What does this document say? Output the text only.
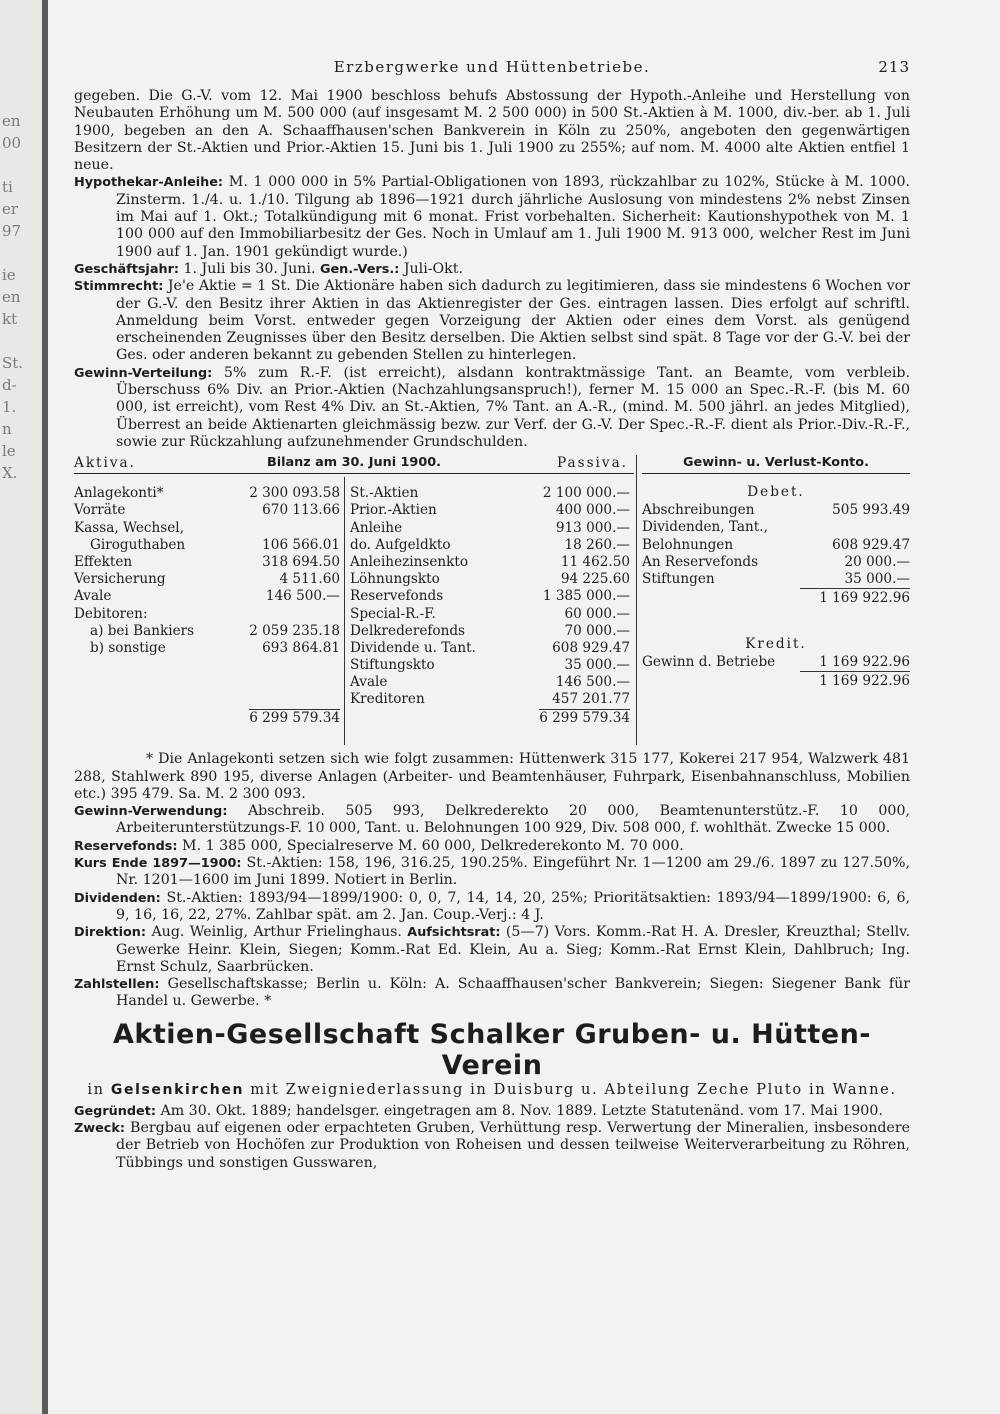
en
00
ti
er
97
ie
en
kt
St.
d-
1.
n
le
X.
Erzbergwerke und Hüttenbetriebe.	213

gegeben. Die G.-V. vom 12. Mai 1900 beschloss behufs Abstossung der Hypoth.-Anleihe und Herstellung von Neubauten Erhöhung um M. 500 000 (auf insgesamt M. 2 500 000) in 500 St.-Aktien à M. 1000, div.-ber. ab 1. Juli 1900, begeben an den A. Schaaffhausen'schen Bankverein in Köln zu 250%, angeboten den gegenwärtigen Besitzern der St.-Aktien und Prior.-Aktien 15. Juni bis 1. Juli 1900 zu 255%; auf nom. M. 4000 alte Aktien entfiel 1 neue.

Hypothekar-Anleihe: M. 1 000 000 in 5% Partial-Obligationen von 1893, rückzahlbar zu 102%, Stücke à M. 1000. Zinsterm. 1./4. u. 1./10. Tilgung ab 1896—1921 durch jährliche Auslosung von mindestens 2% nebst Zinsen im Mai auf 1. Okt.; Totalkündigung mit 6 monat. Frist vorbehalten. Sicherheit: Kautionshypothek von M. 1 100 000 auf den Immobiliarbesitz der Ges. Noch in Umlauf am 1. Juli 1900 M. 913 000, welcher Rest im Juni 1900 auf 1. Jan. 1901 gekündigt wurde.)

Geschäftsjahr: 1. Juli bis 30. Juni. Gen.-Vers.: Juli-Okt.

Stimmrecht: Je'e Aktie = 1 St. Die Aktionäre haben sich dadurch zu legitimieren, dass sie mindestens 6 Wochen vor der G.-V. den Besitz ihrer Aktien in das Aktienregister der Ges. eintragen lassen. Dies erfolgt auf schriftl. Anmeldung beim Vorst. entweder gegen Vorzeigung der Aktien oder eines dem Vorst. als genügend erscheinenden Zeugnisses über den Besitz derselben. Die Aktien selbst sind spät. 8 Tage vor der G.-V. bei der Ges. oder anderen bekannt zu gebenden Stellen zu hinterlegen.

Gewinn-Verteilung: 5% zum R.-F. (ist erreicht), alsdann kontraktmässige Tant. an Beamte, vom verbleib. Überschuss 6% Div. an Prior.-Aktien (Nachzahlungsanspruch!), ferner M. 15 000 an Spec.-R.-F. (bis M. 60 000, ist erreicht), vom Rest 4% Div. an St.-Aktien, 7% Tant. an A.-R., (mind. M. 500 jährl. an jedes Mitglied), Überrest an beide Aktienarten gleichmässig bezw. zur Verf. der G.-V. Der Spec.-R.-F. dient als Prior.-Div.-R.-F., sowie zur Rückzahlung aufzunehmender Grundschulden.

Aktiva.	Bilanz am 30. Juni 1900.	Passiva.
Anlagekonti*	2 300 093.58
Vorräte	670 113.66
Kassa, Wechsel,
Giroguthaben	106 566.01
Effekten	318 694.50
Versicherung	4 511.60
Avale	146 500.—
Debitoren:
a) bei Bankiers	2 059 235.18
b) sonstige	693 864.81
6 299 579.34
St.-Aktien	2 100 000.—
Prior.-Aktien	400 000.—
Anleihe	913 000.—
do. Aufgeldkto	18 260.—
Anleihezinsenkto	11 462.50
Löhnungskto	94 225.60
Reservefonds	1 385 000.—
Special-R.-F.	60 000.—
Delkrederefonds	70 000.—
Dividende u. Tant.	608 929.47
Stiftungskto	35 000.—
Avale	146 500.—
Kreditoren	457 201.77
6 299 579.34
Gewinn- u. Verlust-Konto.
Debet.
Abschreibungen	505 993.49
Dividenden, Tant.,
Belohnungen	608 929.47
An Reservefonds	20 000.—
Stiftungen	35 000.—
1 169 922.96
Kredit.
Gewinn d. Betriebe	1 169 922.96
1 169 922.96

* Die Anlagekonti setzen sich wie folgt zusammen: Hüttenwerk 315 177, Kokerei 217 954, Walzwerk 481 288, Stahlwerk 890 195, diverse Anlagen (Arbeiter- und Beamtenhäuser, Fuhrpark, Eisenbahnanschluss, Mobilien etc.) 395 479. Sa. M. 2 300 093.

Gewinn-Verwendung: Abschreib. 505 993, Delkrederekto 20 000, Beamtenunterstütz.-F. 10 000, Arbeiterunterstützungs-F. 10 000, Tant. u. Belohnungen 100 929, Div. 508 000, f. wohlthät. Zwecke 15 000.

Reservefonds: M. 1 385 000, Specialreserve M. 60 000, Delkrederekonto M. 70 000.

Kurs Ende 1897—1900: St.-Aktien: 158, 196, 316.25, 190.25%. Eingeführt Nr. 1—1200 am 29./6. 1897 zu 127.50%, Nr. 1201—1600 im Juni 1899. Notiert in Berlin.

Dividenden: St.-Aktien: 1893/94—1899/1900: 0, 0, 7, 14, 14, 20, 25%; Prioritätsaktien: 1893/94—1899/1900: 6, 6, 9, 16, 16, 22, 27%. Zahlbar spät. am 2. Jan. Coup.-Verj.: 4 J.

Direktion: Aug. Weinlig, Arthur Frielinghaus. Aufsichtsrat: (5—7) Vors. Komm.-Rat H. A. Dresler, Kreuzthal; Stellv. Gewerke Heinr. Klein, Siegen; Komm.-Rat Ed. Klein, Au a. Sieg; Komm.-Rat Ernst Klein, Dahlbruch; Ing. Ernst Schulz, Saarbrücken.

Zahlstellen: Gesellschaftskasse; Berlin u. Köln: A. Schaaffhausen'scher Bankverein; Siegen: Siegener Bank für Handel u. Gewerbe. *

Aktien-Gesellschaft Schalker Gruben- u. Hütten-Verein
in Gelsenkirchen mit Zweigniederlassung in Duisburg u. Abteilung Zeche Pluto in Wanne.

Gegründet: Am 30. Okt. 1889; handelsger. eingetragen am 8. Nov. 1889. Letzte Statutenänd. vom 17. Mai 1900.

Zweck: Bergbau auf eigenen oder erpachteten Gruben, Verhüttung resp. Verwertung der Mineralien, insbesondere der Betrieb von Hochöfen zur Produktion von Roheisen und dessen teilweise Weiterverarbeitung zu Röhren, Tübbings und sonstigen Gusswaren,
